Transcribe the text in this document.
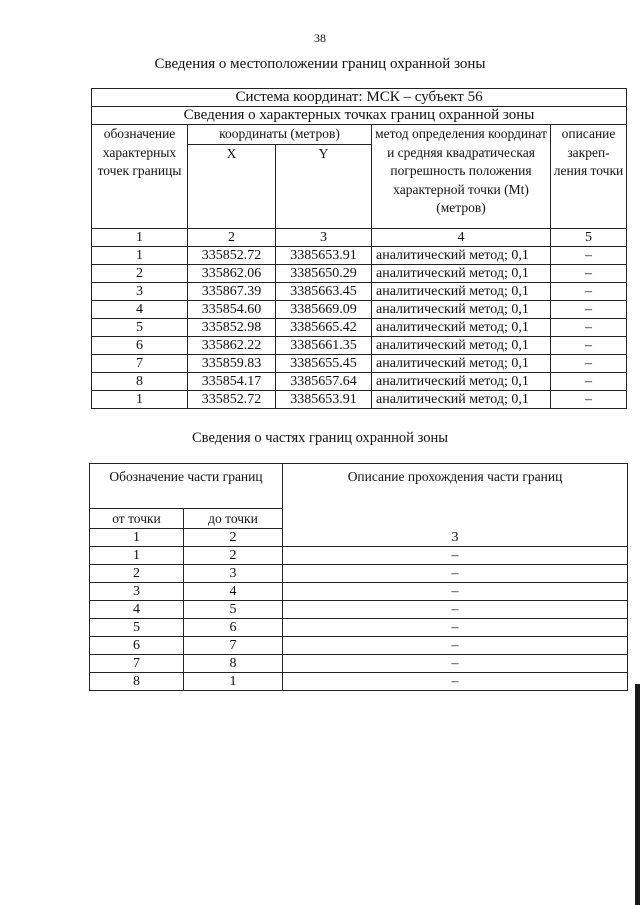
38
Сведения о местоположении границ охранной зоны
Система координат: МСК – субъект 56				
Сведения о характерных точках границ охранной зоны				
обозначение характерных точек границы	координаты (метров)		метод определения координат и средняя квадратическая погрешность положения характерной точки (Mt) (метров)	описание закреп-ления точки
	X	Y		
1	2	3	4	5
1	335852.72	3385653.91	аналитический метод; 0,1	–
2	335862.06	3385650.29	аналитический метод; 0,1	–
3	335867.39	3385663.45	аналитический метод; 0,1	–
4	335854.60	3385669.09	аналитический метод; 0,1	–
5	335852.98	3385665.42	аналитический метод; 0,1	–
6	335862.22	3385661.35	аналитический метод; 0,1	–
7	335859.83	3385655.45	аналитический метод; 0,1	–
8	335854.17	3385657.64	аналитический метод; 0,1	–
1	335852.72	3385653.91	аналитический метод; 0,1	–
Сведения о частях границ охранной зоны
Обозначение части границ		Описание прохождения части границ
от точки	до точки	
1	2	3
1	2	–
2	3	–
3	4	–
4	5	–
5	6	–
6	7	–
7	8	–
8	1	–
